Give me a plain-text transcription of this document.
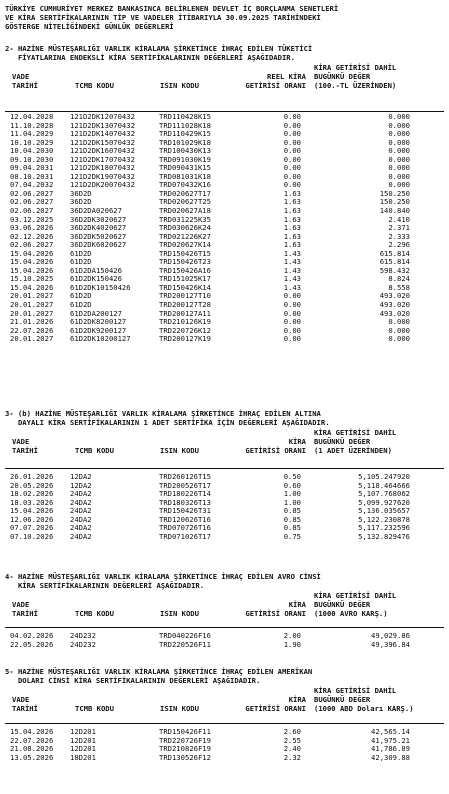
TÜRKİYE CUMHURİYET MERKEZ BANKASINCA BELİRLENEN DEVLET İÇ BORÇLANMA SENETLERİ
VE KİRA SERTİFİKALARININ TİP VE VADELER İTİBARIYLA 30.09.2025 TARİHİNDEKİ
GÖSTERGE NİTELİĞİNDEKİ GÜNLÜK DEĞERLERİ
2- HAZİNE MÜSTEŞARLIĞI VARLIK KİRALAMA ŞİRKETİNCE İHRAÇ EDİLEN TÜKETİCİ
FİYATLARINA ENDEKSLİ KİRA SERTİFİKALARININ DEĞERLERİ AŞAĞIDADIR.
VADE
TARİHİ	TCMB KODU	ISIN KODU
REEL KİRA
GETİRİSİ ORANI
KİRA GETİRİSİ DAHİL
BUGÜNKÜ DEĞER
(100.-TL ÜZERİNDEN)
12.04.2028 121D2DK12070432	TRD110428K15	0.00	0.000
11.10.2028 121D2DK13070432	TRD111028K18	0.00	0.000
11.04.2029 121D2DK14070432	TRD110429K15	0.00	0.000
10.10.2029 121D2DK15070432	TRD101029K18	0.00	0.000
10.04.2030 121D2DK16070432	TRD100430K13	0.00	0.000
09.10.2030 121D2DK17070432	TRD091030K19	0.00	0.000
09.04.2031 121D2DK18070432	TRD090431K15	0.00	0.000
08.10.2031 121D2DK19070432	TRD081031K18	0.00	0.000
07.04.2032 121D2DK20070432	TRD070432K16	0.00	0.000
02.06.2027 36D2D	TRD020627T17	1.63	150.250
02.06.2027 36D2D	TRD020627T25	1.63	150.250
02.06.2027 36D2DA020627	TRD020627A18	1.63	140.840
03.12.2025 36D2DK3020627	TRD031225K35	1.63	2.410
03.06.2026 36D2DK4020627	TRD030626K24	1.63	2.371
02.12.2026 36D2DK5020627	TRD021226K27	1.63	2.333
02.06.2027 36D2DK6020627	TRD020627K14	1.63	2.296
15.04.2026 61D2D	TRD150426T15	1.43	615.814
15.04.2026 61D2D	TRD150426T23	1.43	615.814
15.04.2026 61D2DA150426	TRD150426A16	1.43	598.432
15.10.2025 61D2DK150426	TRD151025K17	1.43	8.824
15.04.2026 61D2DK10150426	TRD150426K14	1.43	8.558
20.01.2027 61D2D	TRD200127T10	0.00	493.020
20.01.2027 61D2D	TRD200127T28	0.00	493.020
20.01.2027 61D2DA200127	TRD200127A11	0.00	493.020
21.01.2026 61D2DK8200127	TRD210126K19	0.00	0.000
22.07.2026 61D2DK9200127	TRD220726K12	0.00	0.000
20.01.2027 61D2DK10200127	TRD200127K19	0.00	0.000
3- (b) HAZİNE MÜSTEŞARLIĞI VARLIK KİRALAMA ŞİRKETİNCE İHRAÇ EDİLEN ALTINA
DAYALI KİRA SERTİFİKALARININ 1 ADET SERTİFİKA İÇİN DEĞERLERİ AŞAĞIDADIR.
VADE
TARİHİ	TCMB KODU	ISIN KODU
KİRA
GETİRİSİ ORANI
KİRA GETİRİSİ DAHİL
BUGÜNKÜ DEĞER
(1 ADET ÜZERİNDEN)
26.01.2026 12DA2	TRD260126T15	0.50	5,105.247920
20.05.2026 12DA2	TRD200526T17	0.60	5,118.464666
18.02.2026 24DA2	TRD180226T14	1.00	5,107.768062
18.03.2026 24DA2	TRD180326T13	1.00	5,099.927620
15.04.2026 24DA2	TRD150426T31	0.85	5,136.035657
12.06.2026 24DA2	TRD120626T16	0.85	5,122.230878
07.07.2026 24DA2	TRD070726T16	0.85	5,117.232596
07.10.2026 24DA2	TRD071026T17	0.75	5,132.829476
4- HAZİNE MÜSTEŞARLIĞI VARLIK KİRALAMA ŞİRKETİNCE İHRAÇ EDİLEN AVRO CİNSİ
KİRA SERTİFİKALARININ DEĞERLERİ AŞAĞIDADIR.
VADE
TARİHİ	TCMB KODU	ISIN KODU
KİRA
GETİRİSİ ORANI
KİRA GETİRİSİ DAHİL
BUGÜNKÜ DEĞER
(1000 AVRO KARŞ.)
04.02.2026 24D232	TRD040226F16	2.00	49,029.86
22.05.2026 24D232	TRD220526F11	1.90	49,396.84
5- HAZİNE MÜSTEŞARLIĞI VARLIK KİRALAMA ŞİRKETİNCE İHRAÇ EDİLEN AMERİKAN
DOLARI CİNSİ KİRA SERTİFİKALARININ DEĞERLERİ AŞAĞIDADIR.
VADE
TARİHİ	TCMB KODU	ISIN KODU
KİRA
GETİRİSİ ORANI
KİRA GETİRİSİ DAHİL
BUGÜNKÜ DEĞER
(1000 ABD Doları KARŞ.)
15.04.2026 12D201	TRD150426F11	2.60	42,565.14
22.07.2026 12D201	TRD220726F19	2.55	41,975.21
21.08.2026 12D201	TRD210826F19	2.40	41,786.89
13.05.2026 18D201	TRD130526F12	2.32	42,309.88
